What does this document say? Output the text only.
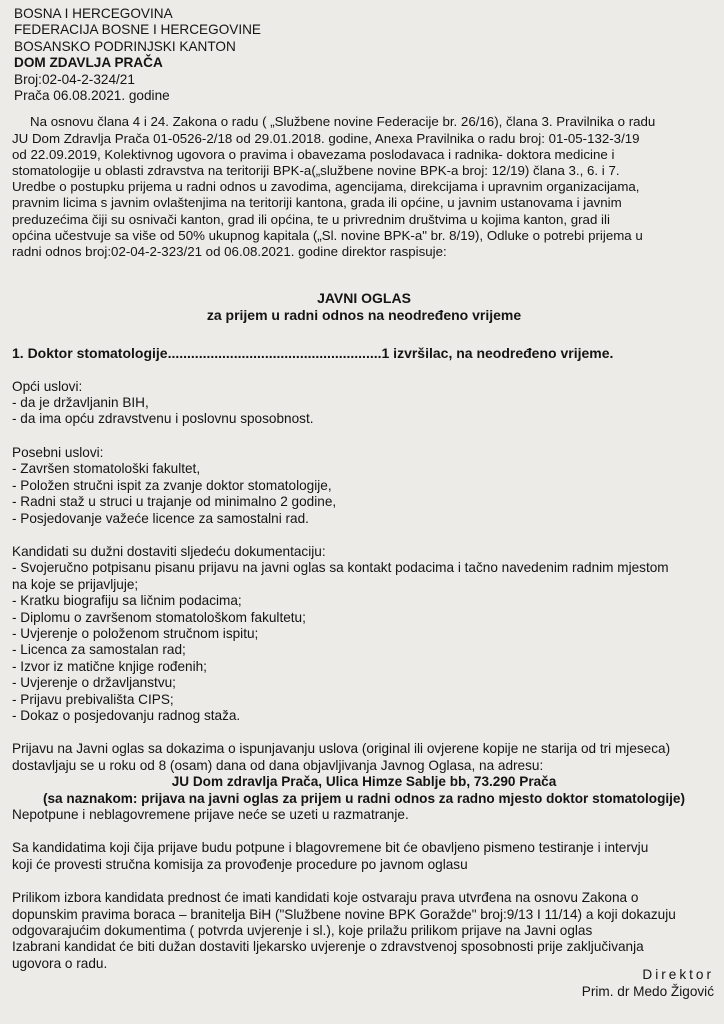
BOSNA I HERCEGOVINA
FEDERACIJA BOSNE I HERCEGOVINE
BOSANSKO PODRINJSKI KANTON
DOM ZDAVLJA PRAČA
Broj:02-04-2-324/21
Prača 06.08.2021. godine
Na osnovu člana 4 i 24. Zakona o radu ( „Službene novine Federacije br. 26/16), člana 3. Pravilnika o radu
JU Dom Zdravlja Prača 01-0526-2/18 od 29.01.2018. godine, Anexa Pravilnika o radu broj: 01-05-132-3/19
od 22.09.2019, Kolektivnog ugovora o pravima i obavezama poslodavaca i radnika- doktora medicine i
stomatologije u oblasti zdravstva na teritoriji BPK-a(„službene novine BPK-a broj: 12/19) člana 3., 6. i 7.
Uredbe o postupku prijema u radni odnos u zavodima, agencijama, direkcijama i upravnim organizacijama,
pravnim licima s javnim ovlaštenjima na teritoriji kantona, grada ili općine, u javnim ustanovama i javnim
preduzećima čiji su osnivači kanton, grad ili općina, te u privrednim društvima u kojima kanton, grad ili
općina učestvuje sa više od 50% ukupnog kapitala („Sl. novine BPK-a" br. 8/19), Odluke o potrebi prijema u
radni odnos broj:02-04-2-323/21 od 06.08.2021. godine direktor raspisuje:
JAVNI OGLAS
za prijem u radni odnos na neodređeno vrijeme
1. Doktor stomatologije.......................................................1 izvršilac, na neodređeno vrijeme.
Opći uslovi:
- da je državljanin BIH,
- da ima opću zdravstvenu i poslovnu sposobnost.
Posebni uslovi:
- Završen stomatološki fakultet,
- Položen stručni ispit za zvanje doktor stomatologije,
- Radni staž u struci u trajanje od minimalno 2 godine,
- Posjedovanje važeće licence za samostalni rad.
Kandidati su dužni dostaviti sljedeću dokumentaciju:
- Svojeručno potpisanu pisanu prijavu na javni oglas sa kontakt podacima i tačno navedenim radnim mjestom
na koje se prijavljuje;
- Kratku biografiju sa ličnim podacima;
- Diplomu o završenom stomatološkom fakultetu;
- Uvjerenje o položenom stručnom ispitu;
- Licenca za samostalan rad;
- Izvor iz matične knjige rođenih;
- Uvjerenje o državljanstvu;
- Prijavu prebivališta CIPS;
- Dokaz o posjedovanju radnog staža.
Prijavu na Javni oglas sa dokazima o ispunjavanju uslova (original ili ovjerene kopije ne starija od tri mjeseca)
dostavljaju se u roku od 8 (osam) dana od dana objavljivanja Javnog Oglasa, na adresu:
JU Dom zdravlja Prača, Ulica Himze Sablje bb, 73.290 Prača
(sa naznakom: prijava na javni oglas za prijem u radni odnos za radno mjesto doktor stomatologije)
Nepotpune i neblagovremene prijave neće se uzeti u razmatranje.
Sa kandidatima koji čija prijave budu potpune i blagovremene bit će obavljeno pismeno testiranje i intervju
koji će provesti stručna komisija za provođenje procedure po javnom oglasu
Prilikom izbora kandidata prednost će imati kandidati koje ostvaraju prava utvrđena na osnovu Zakona o
dopunskim pravima boraca – branitelja BiH ("Službene novine BPK Goražde" broj:9/13 I 11/14) a koji dokazuju
odgovarajućim dokumentima ( potvrda uvjerenje i sl.), koje prilažu prilikom prijave na Javni oglas
Izabrani kandidat će biti dužan dostaviti ljekarsko uvjerenje o zdravstvenoj sposobnosti prije zaključivanja
ugovora o radu.
Direktor
Prim. dr Medo Žigović
